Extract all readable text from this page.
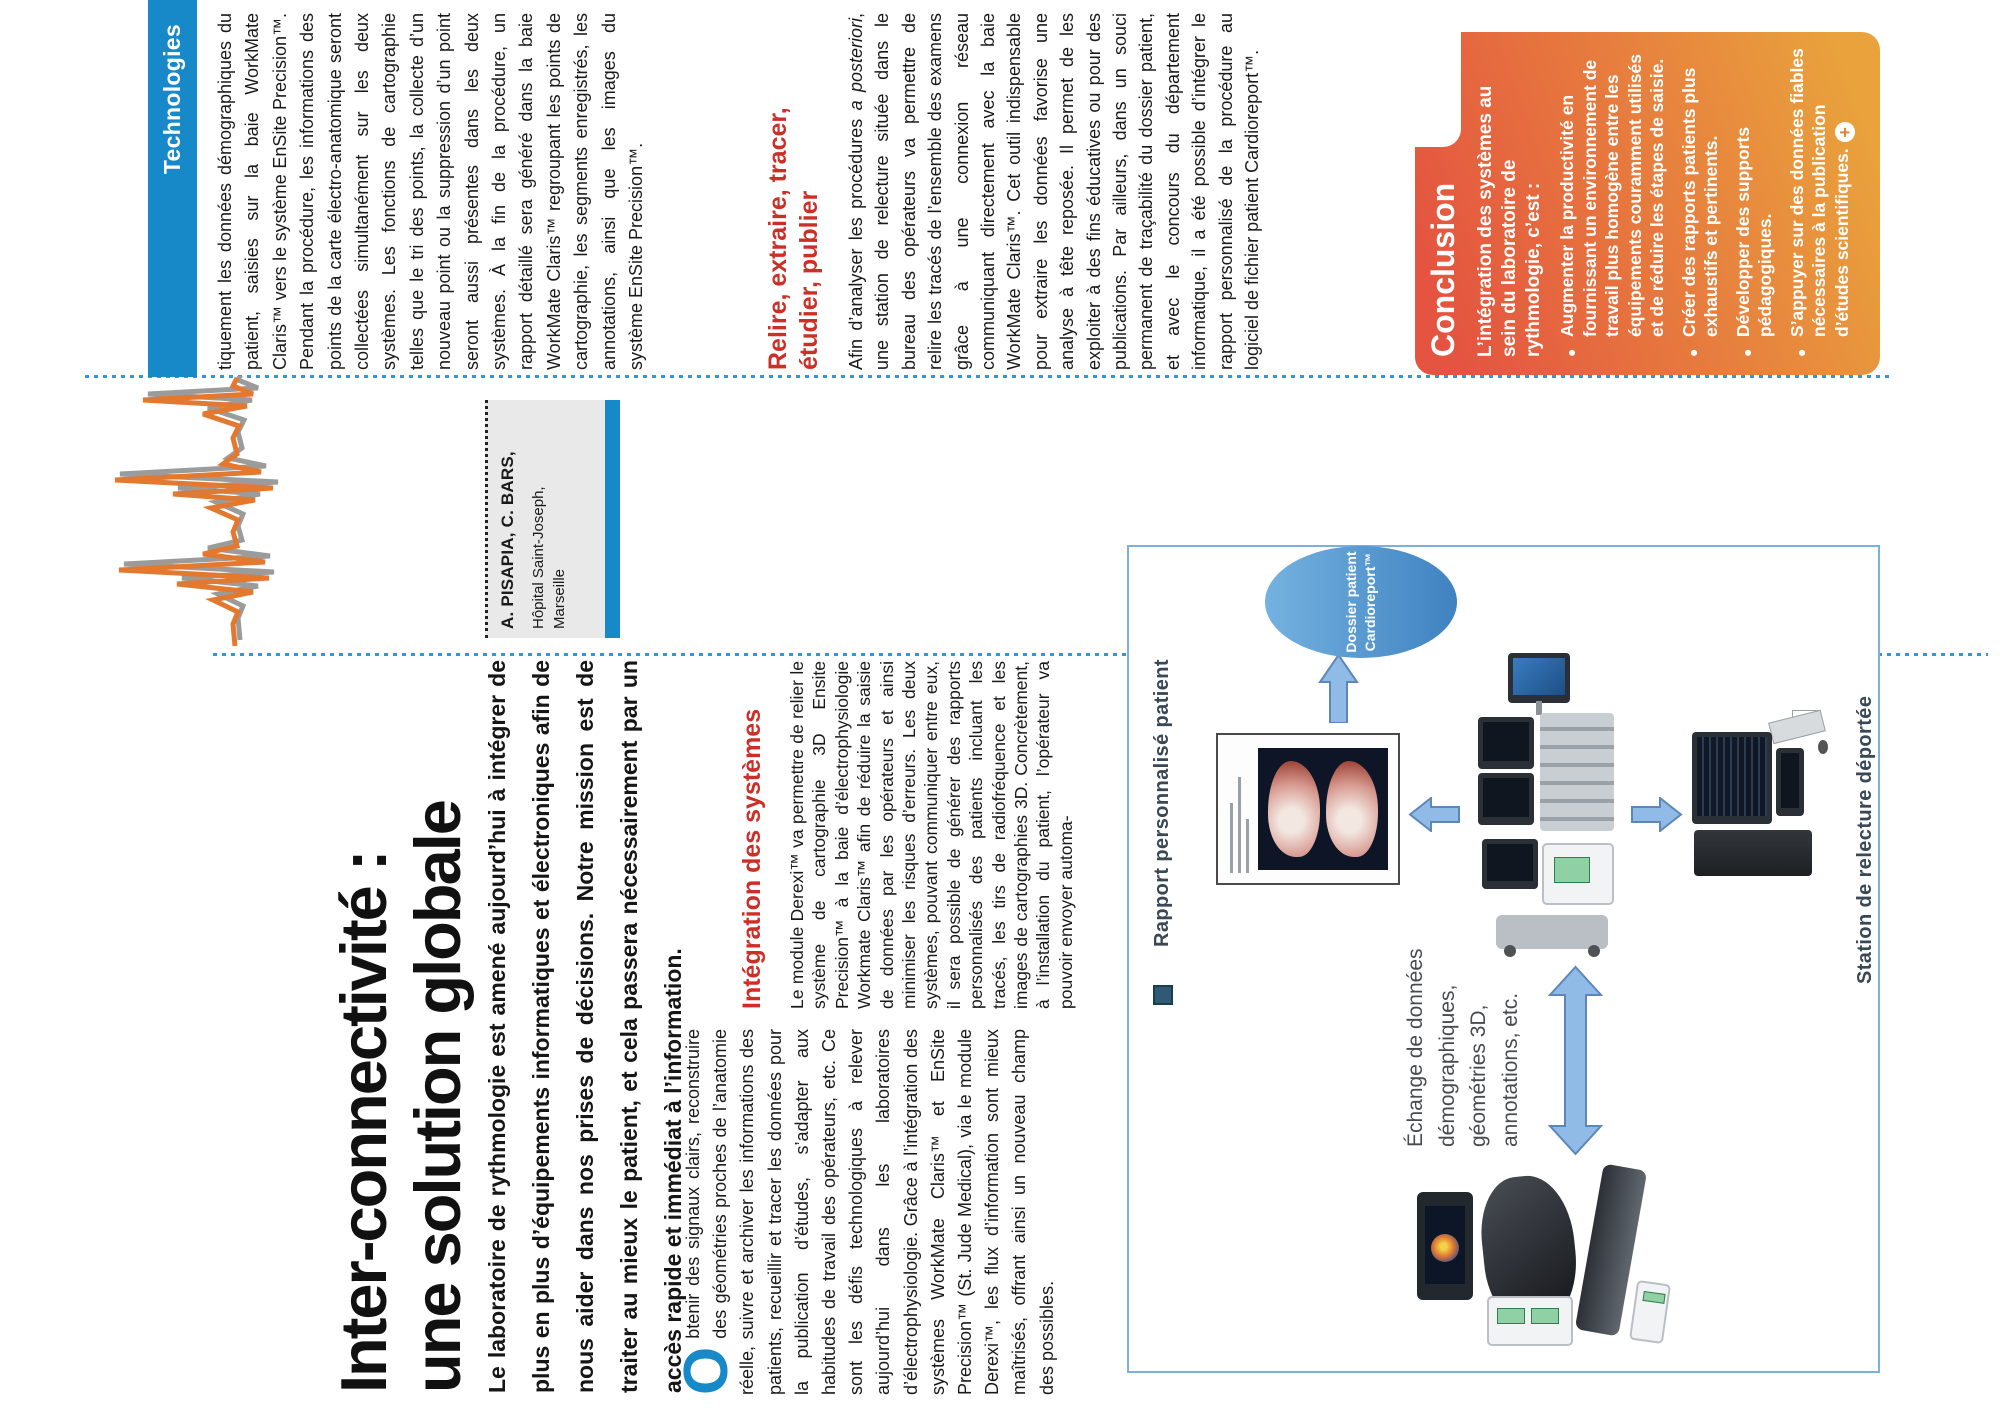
Technologies
A. PISAPIA, C. BARS, Hôpital Saint-Joseph, Marseille
Inter-connectivité :
une solution globale Le laboratoire de rythmologie est amené aujourd’hui à intégrer de plus en plus d’équipements informatiques et électroniques afin de nous aider dans nos prises de décisions. Notre mission est de traiter au mieux le patient, et cela passera nécessairement par un accès rapide et immédiat à l’information.

O
btenir des signaux clairs, reconstruire des géométries proches de l’anatomie réelle, suivre et archiver les informations des patients, recueillir et tracer les données pour la publication d’études, s’adapter aux habitudes de travail des opérateurs, etc. Ce sont les défis technologiques à relever aujourd’hui dans les laboratoires d’électrophysiologie. Grâce à l’intégration des systèmes WorkMate Claris™ et EnSite Precision™ (St. Jude Medical), via le module Derexi™, les flux d’information sont mieux maîtrisés, offrant ainsi un nouveau champ des possibles.
Intégration des systèmes Le module Derexi™ va permettre de relier le système de cartographie 3D Ensite Precision™ à la baie d’électrophysiologie Workmate Claris™ afin de réduire la saisie de données par les opérateurs et ainsi minimiser les risques d’erreurs. Les deux systèmes, pouvant communiquer entre eux, il sera possible de générer des rapports personnalisés des patients incluant les tracés, les tirs de radiofréquence et les images de cartographies 3D. Concrètement, à l’installation du patient, l’opérateur va pouvoir envoyer automa-
tiquement les données démographiques du patient, saisies sur la baie WorkMate Claris™ vers le système EnSite Precision™. Pendant la procédure, les informations des points de la carte électro-anatomique seront collectées simultanément sur les deux systèmes. Les fonctions de cartographie telles que le tri des points, la collecte d’un nouveau point ou la suppression d’un point seront aussi présentes dans les deux systèmes. À la fin de la procédure, un rapport détaillé sera généré dans la baie WorkMate Claris™ regroupant les points de cartographie, les segments enregistrés, les annotations, ainsi que les images du système EnSite Precision™.	Relire, extraire, tracer, étudier, publier Afin d’analyser les procédures a posteriori, une station de relecture située dans le bureau des opérateurs va permettre de relire les tracés de l’ensemble des examens grâce à une connexion réseau communiquant directement avec la baie WorkMate Claris™. Cet outil indispensable pour extraire les données favorise une analyse à tête reposée. Il permet de les exploiter à des fins éducatives ou pour des publications. Par ailleurs, dans un souci permanent de traçabilité du dossier patient, et avec le concours du département informatique, il a été possible d’intégrer le rapport personnalisé de la procédure au logiciel de fichier patient Cardioreport™.	Conclusion L’intégration des systèmes au sein du laboratoire de rythmologie, c’est : ●
Augmenter la productivité en fournissant un environnement de travail plus homogène entre les équipements couramment utilisés et de réduire les étapes de saisie.
●
Créer des rapports patients plus exhaustifs et pertinents.
●
Développer des supports pédagogiques.
●
S’appuyer sur des données fiables nécessaires à la publication d’études scientifiques.+
Rapport personnalisé patient
Dossier patient Cardioreport™
Échange de données démographiques, géométries 3D, annotations, etc.
Station de relecture déportée
